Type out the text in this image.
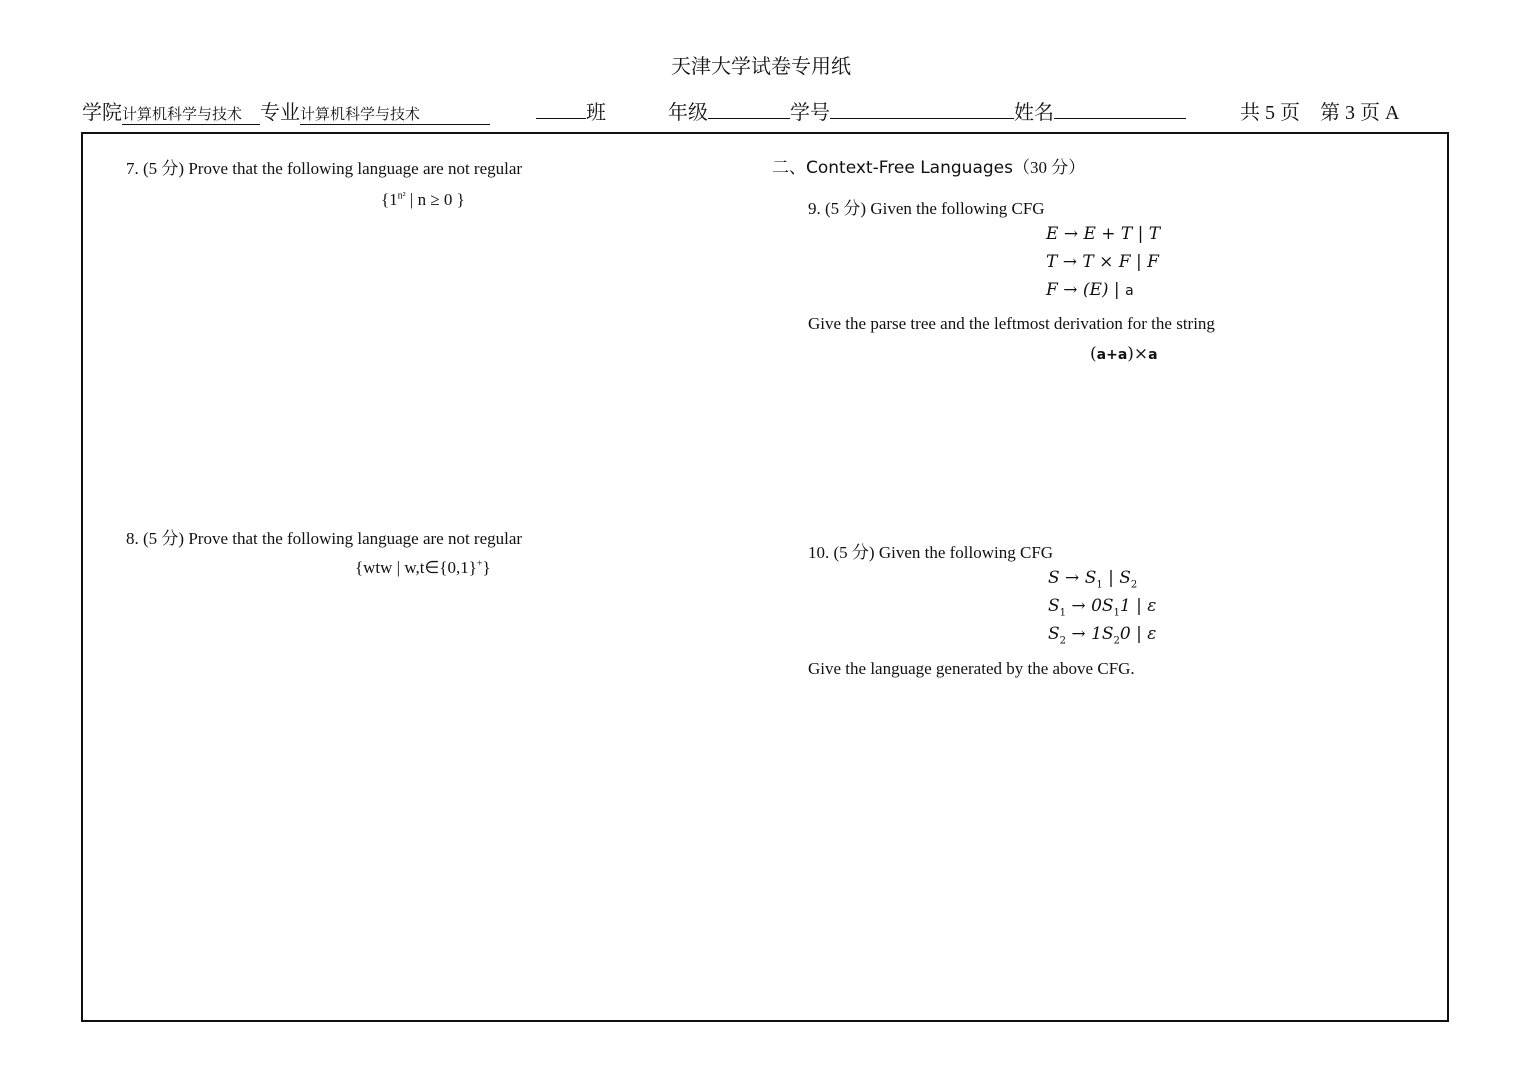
天津大学试卷专用纸
学院计算机科学与技术 专业计算机科学与技术	班	年级	学号	姓名	共 5 页　第 3 页 A
7. (5 分) Prove that the following language are not regular
{$1^{n^2}$ | n ≥ 0 }
8. (5 分) Prove that the following language are not regular
{wtw | w,t∈{0,1}+}
二、Context-Free Languages（30 分）
9. (5 分) Given the following CFG
E → E + T | T
T → T × F | F
F → (E) | a
Give the parse tree and the leftmost derivation for the string
(a+a)×a
10. (5 分) Given the following CFG
$S \to S_1$ | $S_2$
$S_1 \to 0S_11$ | ε
$S_2 \to 1S_20$ | ε
Give the language generated by the above CFG.
